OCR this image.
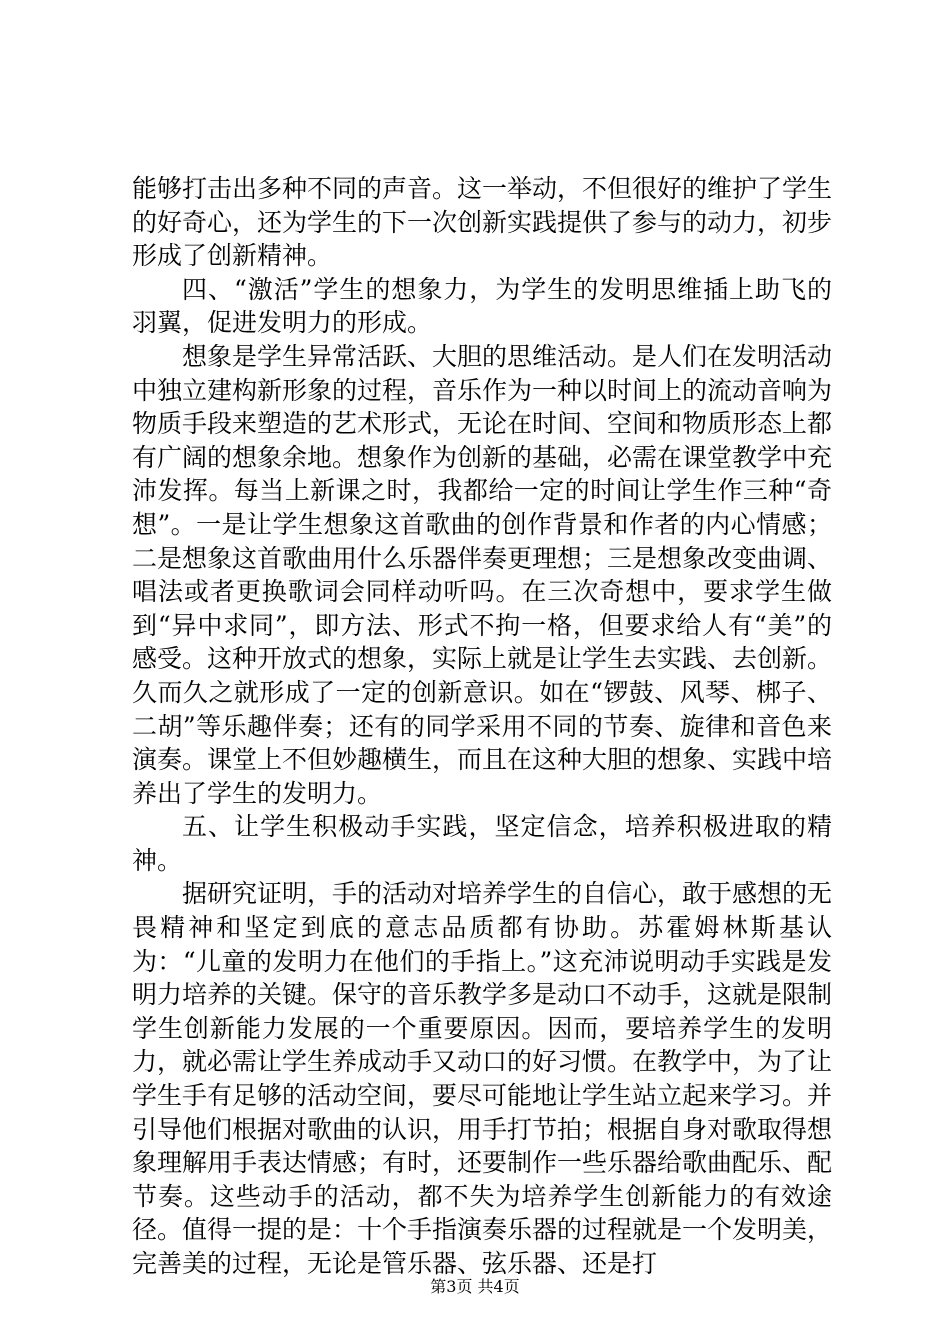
能够打击出多种不同的声音。这一举动，不但很好的维护了学生的好奇心，还为学生的下一次创新实践提供了参与的动力，初步形成了创新精神。

四、“激活”学生的想象力，为学生的发明思维插上助飞的羽翼，促进发明力的形成。

想象是学生异常活跃、大胆的思维活动。是人们在发明活动中独立建构新形象的过程，音乐作为一种以时间上的流动音响为物质手段来塑造的艺术形式，无论在时间、空间和物质形态上都有广阔的想象余地。想象作为创新的基础，必需在课堂教学中充沛发挥。每当上新课之时，我都给一定的时间让学生作三种“奇想”。一是让学生想象这首歌曲的创作背景和作者的内心情感；二是想象这首歌曲用什么乐器伴奏更理想；三是想象改变曲调、唱法或者更换歌词会同样动听吗。在三次奇想中，要求学生做到“异中求同”，即方法、形式不拘一格，但要求给人有“美”的感受。这种开放式的想象，实际上就是让学生去实践、去创新。久而久之就形成了一定的创新意识。如在“锣鼓、风琴、梆子、二胡”等乐趣伴奏；还有的同学采用不同的节奏、旋律和音色来演奏。课堂上不但妙趣横生，而且在这种大胆的想象、实践中培养出了学生的发明力。

五、让学生积极动手实践，坚定信念，培养积极进取的精神。

据研究证明，手的活动对培养学生的自信心，敢于感想的无畏精神和坚定到底的意志品质都有协助。苏霍姆林斯基认为：“儿童的发明力在他们的手指上。”这充沛说明动手实践是发明力培养的关键。保守的音乐教学多是动口不动手，这就是限制学生创新能力发展的一个重要原因。因而，要培养学生的发明力，就必需让学生养成动手又动口的好习惯。在教学中，为了让学生手有足够的活动空间，要尽可能地让学生站立起来学习。并引导他们根据对歌曲的认识，用手打节拍；根据自身对歌取得想象理解用手表达情感；有时，还要制作一些乐器给歌曲配乐、配节奏。这些动手的活动，都不失为培养学生创新能力的有效途径。值得一提的是：十个手指演奏乐器的过程就是一个发明美，完善美的过程，无论是管乐器、弦乐器、还是打

第3页 共4页
